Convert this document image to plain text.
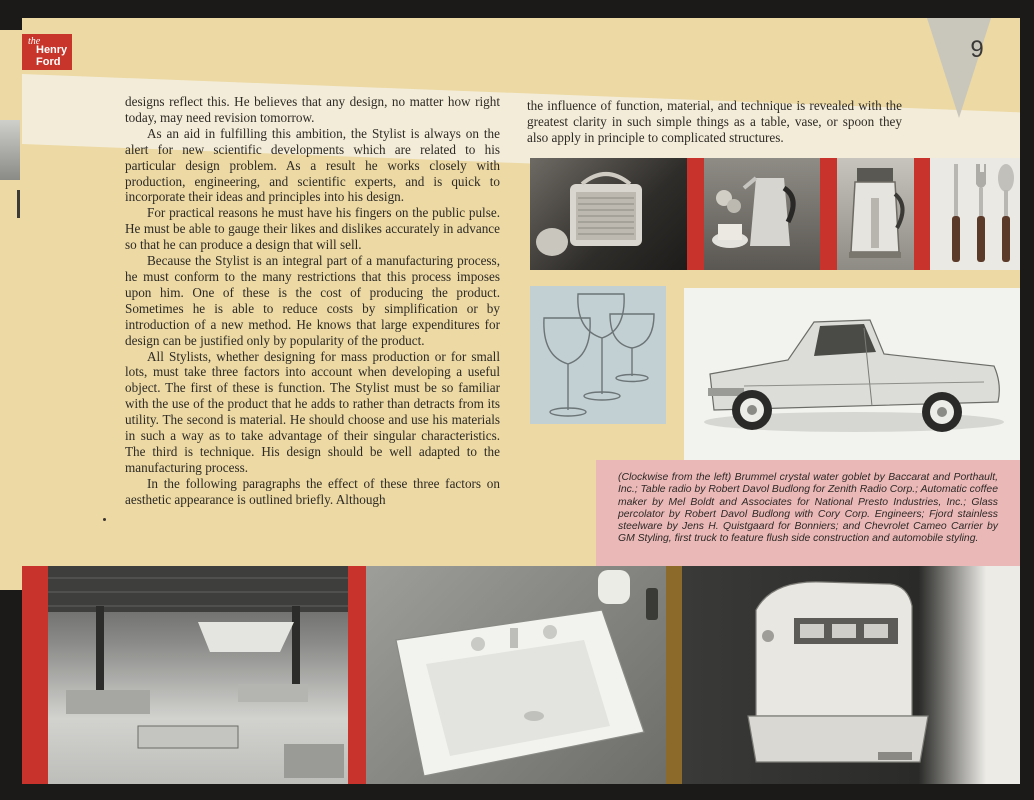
the
Henry
Ford	9

designs reflect this. He believes that any design, no matter how right today, may need revision tomorrow.

As an aid in fulfilling this ambition, the Stylist is always on the alert for new scientific developments which are related to his particular design problem. As a result he works closely with production, engineering, and scientific experts, and is quick to incorporate their ideas and principles into his design.

For practical reasons he must have his fingers on the public pulse. He must be able to gauge their likes and dislikes accurately in advance so that he can produce a design that will sell.

Because the Stylist is an integral part of a manufacturing process, he must conform to the many restrictions that this process imposes upon him. One of these is the cost of producing the product. Sometimes he is able to reduce costs by simplification or by introduction of a new method. He knows that large expenditures for design can be justified only by popularity of the product.

All Stylists, whether designing for mass production or for small lots, must take three factors into account when developing a useful object. The first of these is function. The Stylist must be so familiar with the use of the product that he adds to rather than detracts from its utility. The second is material. He should choose and use his materials in such a way as to take advantage of their singular characteristics. The third is technique. His design should be well adapted to the manufacturing process.

In the following paragraphs the effect of these three factors on aesthetic appearance is outlined briefly. Although

the influence of function, material, and technique is revealed with the greatest clarity in such simple things as a table, vase, or spoon they also apply in principle to complicated structures.

(Clockwise from the left) Brummel crystal water goblet by Baccarat and Porthault, Inc.; Table radio by Robert Davol Budlong for Zenith Radio Corp.; Automatic coffee maker by Mel Boldt and Associates for National Presto Industries, Inc.; Glass percolator by Robert Davol Budlong with Cory Corp. Engineers; Fjord stainless steelware by Jens H. Quistgaard for Bonniers; and Chevrolet Cameo Carrier by GM Styling, first truck to feature flush side construction and automobile styling.
